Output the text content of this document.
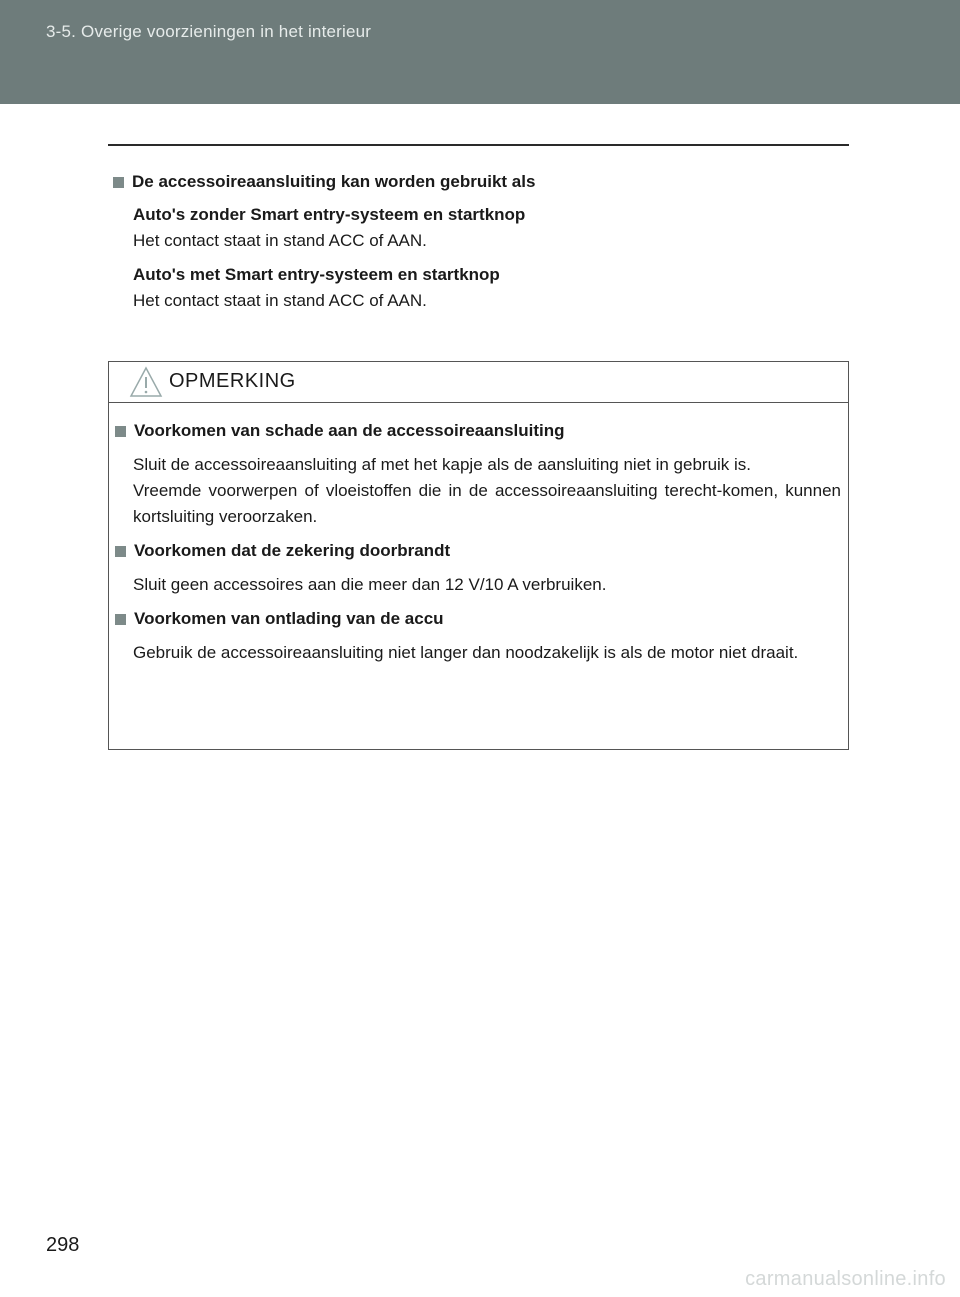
3-5. Overige voorzieningen in het interieur
De accessoireaansluiting kan worden gebruikt als
Auto's zonder Smart entry-systeem en startknop
Het contact staat in stand ACC of AAN.
Auto's met Smart entry-systeem en startknop
Het contact staat in stand ACC of AAN.
OPMERKING
Voorkomen van schade aan de accessoireaansluiting

Sluit de accessoireaansluiting af met het kapje als de aansluiting niet in gebruik is.

Vreemde voorwerpen of vloeistoffen die in de accessoireaansluiting terecht-komen, kunnen kortsluiting veroorzaken.

Voorkomen dat de zekering doorbrandt

Sluit geen accessoires aan die meer dan 12 V/10 A verbruiken.

Voorkomen van ontlading van de accu

Gebruik de accessoireaansluiting niet langer dan noodzakelijk is als de motor niet draait.

298
carmanualsonline.info
